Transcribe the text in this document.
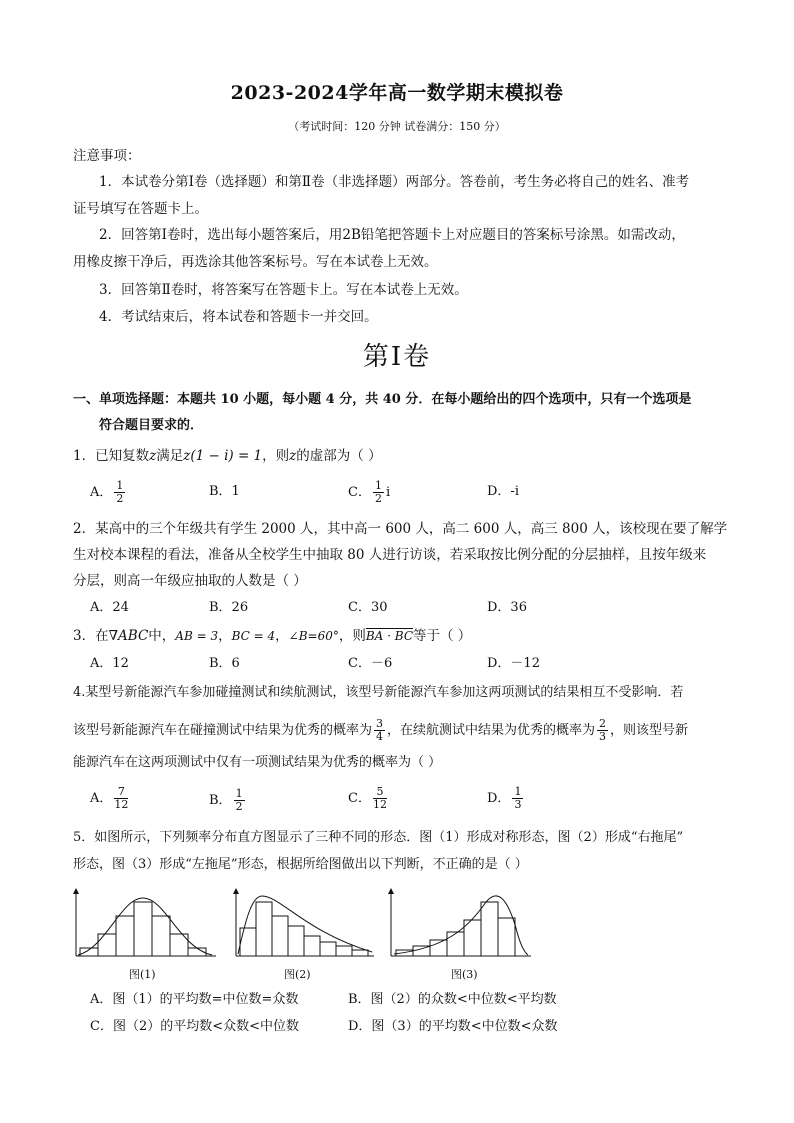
2023-2024学年高一数学期末模拟卷
（考试时间：120 分钟 试卷满分：150 分）
注意事项：
1．本试卷分第Ⅰ卷（选择题）和第Ⅱ卷（非选择题）两部分。答卷前，考生务必将自己的姓名、准考
证号填写在答题卡上。
2．回答第Ⅰ卷时，选出每小题答案后，用2B铅笔把答题卡上对应题目的答案标号涂黑。如需改动，
用橡皮擦干净后，再选涂其他答案标号。写在本试卷上无效。
3．回答第Ⅱ卷时，将答案写在答题卡上。写在本试卷上无效。
4．考试结束后，将本试卷和答题卡一并交回。
第Ⅰ卷
一、单项选择题：本题共 10 小题，每小题 4 分，共 40 分．在每小题给出的四个选项中，只有一个选项是
符合题目要求的．
1．已知复数z满足z(1 − i) = 1，则z的虚部为（ ）
A． $\frac{1}{2}$	B．1	C． $\frac{1}{2}$ i	D．-i
2．某高中的三个年级共有学生 2000 人，其中高一 600 人，高二 600 人，高三 800 人，该校现在要了解学
生对校本课程的看法，准备从全校学生中抽取 80 人进行访谈，若采取按比例分配的分层抽样，且按年级来
分层，则高一年级应抽取的人数是（ ）
A．24	B．26	C．30	D．36
3．在∇ABC中，AB = 3，BC = 4，∠B=60°，则BA · BC等于（ ）
A．12	B．6	C．－6	D．－12
4.某型号新能源汽车参加碰撞测试和续航测试，该型号新能源汽车参加这两项测试的结果相互不受影响．若
该型号新能源汽车在碰撞测试中结果为优秀的概率为 $\frac{3}{4}$ ，在续航测试中结果为优秀的概率为 $\frac{2}{3}$ ，则该型号新
能源汽车在这两项测试中仅有一项测试结果为优秀的概率为（ ）
A． $\frac{7}{12}$	B． $\frac{1}{2}$	C． $\frac{5}{12}$	D． $\frac{1}{3}$
5．如图所示，下列频率分布直方图显示了三种不同的形态．图（1）形成对称形态，图（2）形成“右拖尾”
形态，图（3）形成“左拖尾”形态，根据所给图做出以下判断，不正确的是（ ）
图(1)	图(2)	图(3)
A．图（1）的平均数=中位数=众数	B．图（2）的众数<中位数<平均数
C．图（2）的平均数<众数<中位数	D．图（3）的平均数<中位数<众数
